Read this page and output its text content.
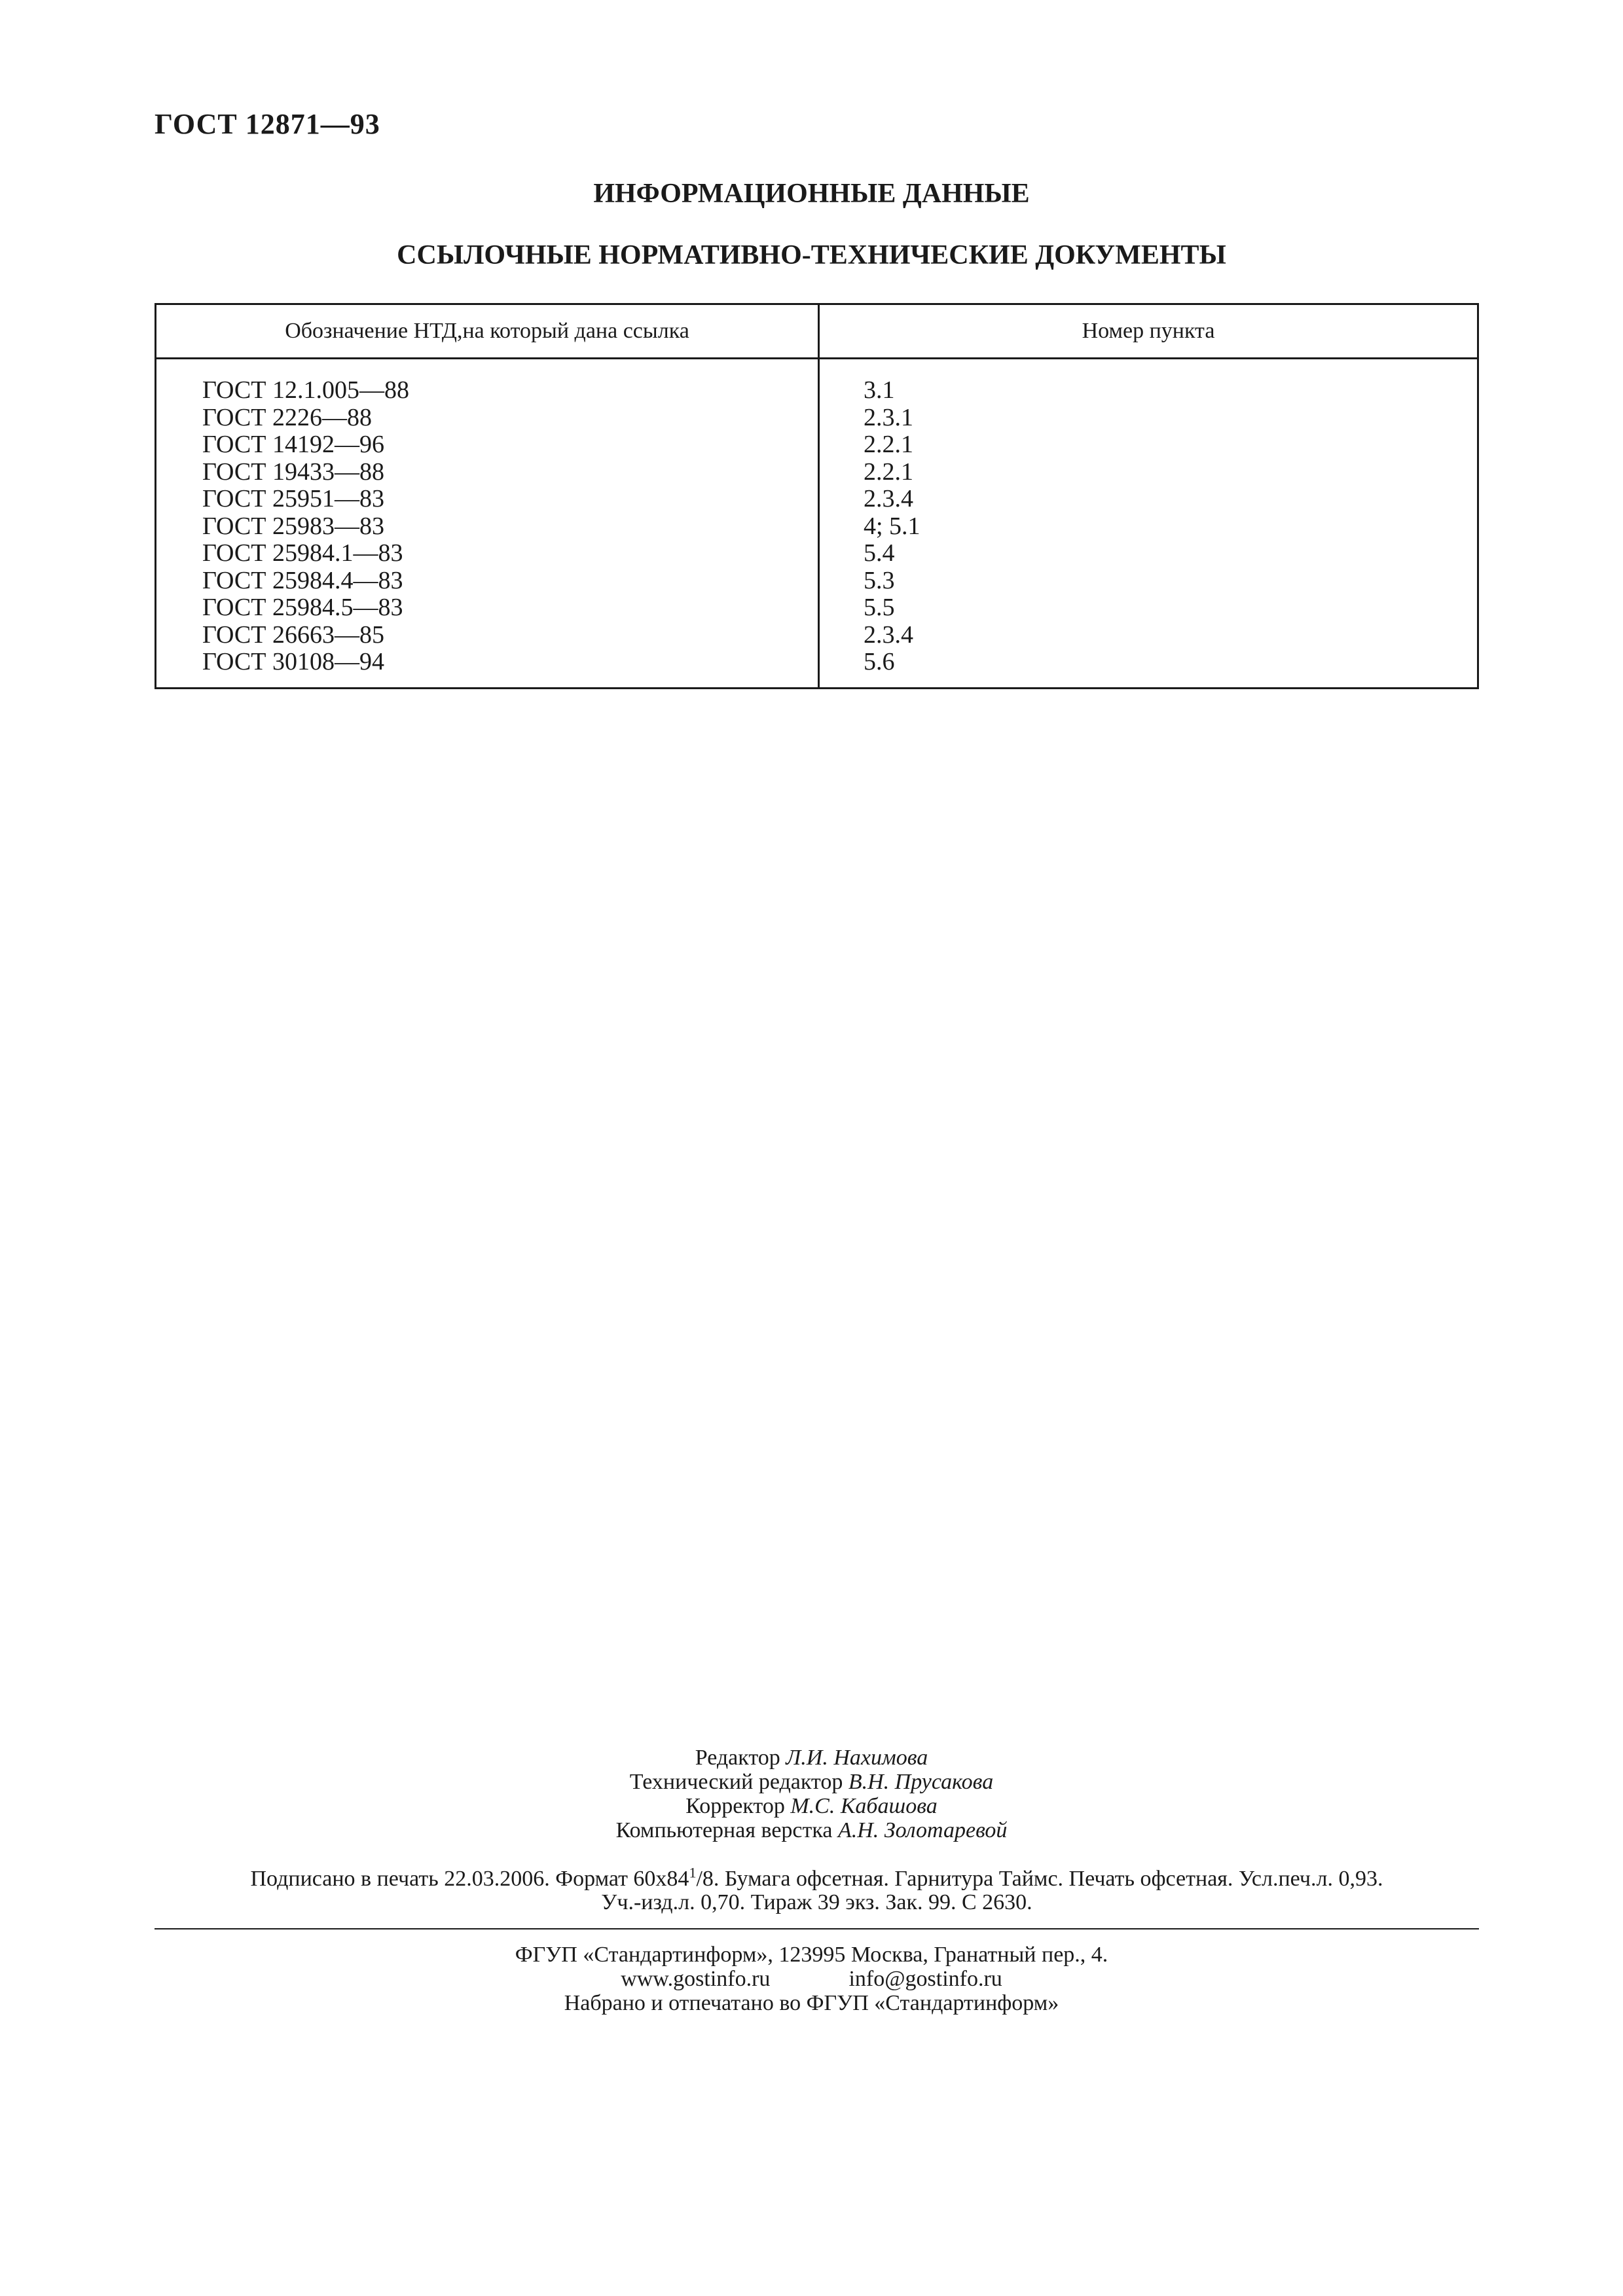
ГОСТ 12871—93
ИНФОРМАЦИОННЫЕ ДАННЫЕ
ССЫЛОЧНЫЕ НОРМАТИВНО-ТЕХНИЧЕСКИЕ ДОКУМЕНТЫ
Обозначение НТД,на который дана ссылка	Номер пункта
ГОСТ 12.1.005—88
ГОСТ 2226—88
ГОСТ 14192—96
ГОСТ 19433—88
ГОСТ 25951—83
ГОСТ 25983—83
ГОСТ 25984.1—83
ГОСТ 25984.4—83
ГОСТ 25984.5—83
ГОСТ 26663—85
ГОСТ 30108—94
3.1
2.3.1
2.2.1
2.2.1
2.3.4
4; 5.1
5.4
5.3
5.5
2.3.4
5.6
Редактор Л.И. Нахимова
Технический редактор В.Н. Прусакова
Корректор М.С. Кабашова
Компьютерная верстка А.Н. Золотаревой
Подписано в печать 22.03.2006. Формат $60х84^1/8$. Бумага офсетная. Гарнитура Таймс. Печать офсетная. Усл.печ.л. 0,93.
Уч.-изд.л. 0,70. Тираж 39 экз. Зак. 99. С 2630.
ФГУП «Стандартинформ», 123995 Москва, Гранатный пер., 4.
www.gostinfo.ru	info@gostinfo.ru
Набрано и отпечатано во ФГУП «Стандартинформ»
